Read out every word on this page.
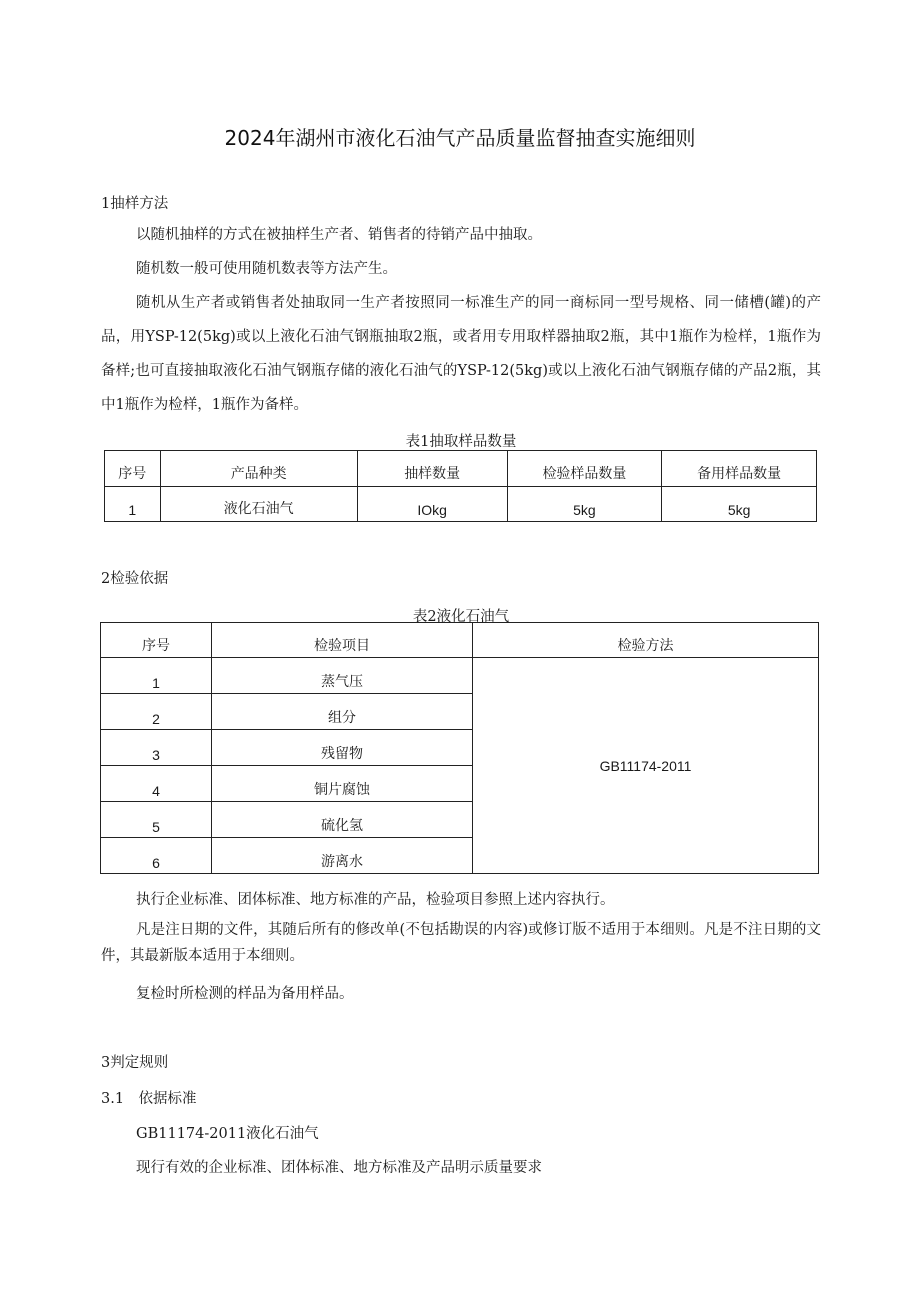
2024年湖州市液化石油气产品质量监督抽查实施细则
1抽样方法
以随机抽样的方式在被抽样生产者、销售者的待销产品中抽取。
随机数一般可使用随机数表等方法产生。
随机从生产者或销售者处抽取同一生产者按照同一标准生产的同一商标同一型号规格、同一储槽(罐)的产品，用YSP-12(5kg)或以上液化石油气钢瓶抽取2瓶，或者用专用取样器抽取2瓶，其中1瓶作为检样，1瓶作为备样;也可直接抽取液化石油气钢瓶存储的液化石油气的YSP-12(5kg)或以上液化石油气钢瓶存储的产品2瓶，其中1瓶作为检样，1瓶作为备样。
表1抽取样品数量
序号	产品种类	抽样数量	检验样品数量	备用样品数量
1	液化石油气	IOkg	5kg	5kg
2检验依据
表2液化石油气
序号	检验项目	检验方法
1	蒸气压	GB11174-2011
2	组分	
3	残留物	
4	铜片腐蚀	
5	硫化氢	
6	游离水	
执行企业标准、团体标准、地方标准的产品，检验项目参照上述内容执行。
凡是注日期的文件，其随后所有的修改单(不包括勘误的内容)或修订版不适用于本细则。凡是不注日期的文件，其最新版本适用于本细则。
复检时所检测的样品为备用样品。
3判定规则
3.1　依据标准
GB11174-2011液化石油气
现行有效的企业标准、团体标准、地方标准及产品明示质量要求
